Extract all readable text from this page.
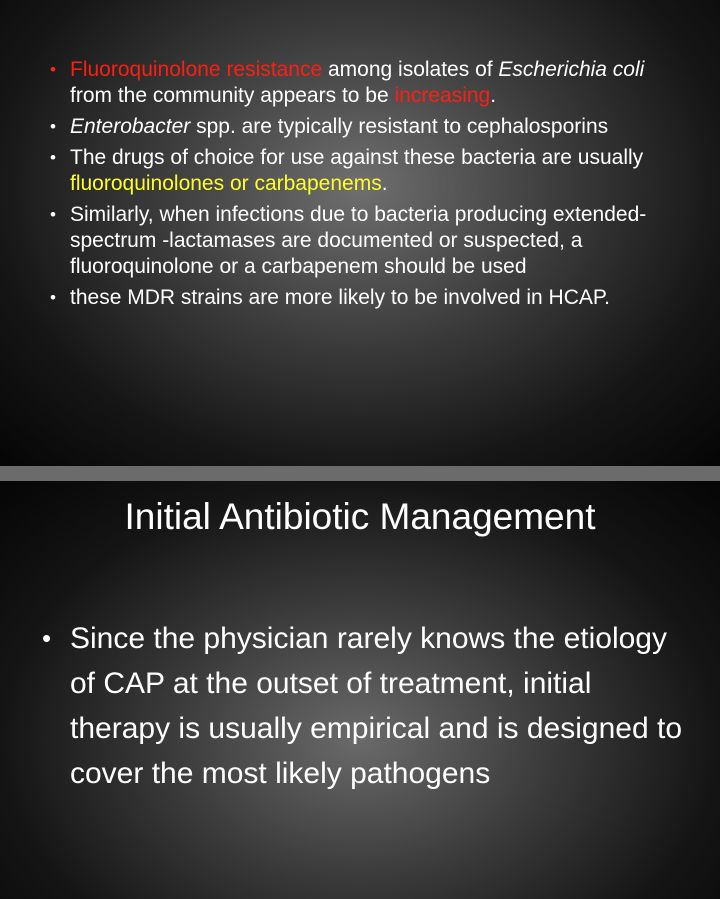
• Fluoroquinolone resistance among isolates of Escherichia coli from the community appears to be increasing.
• Enterobacter spp. are typically resistant to cephalosporins
• The drugs of choice for use against these bacteria are usually fluoroquinolones or carbapenems.
• Similarly, when infections due to bacteria producing extended-spectrum -lactamases are documented or suspected, a fluoroquinolone or a carbapenem should be used
• these MDR strains are more likely to be involved in HCAP.
Initial Antibiotic Management
• Since the physician rarely knows the etiology of CAP at the outset of treatment, initial therapy is usually empirical and is designed to cover the most likely pathogens
